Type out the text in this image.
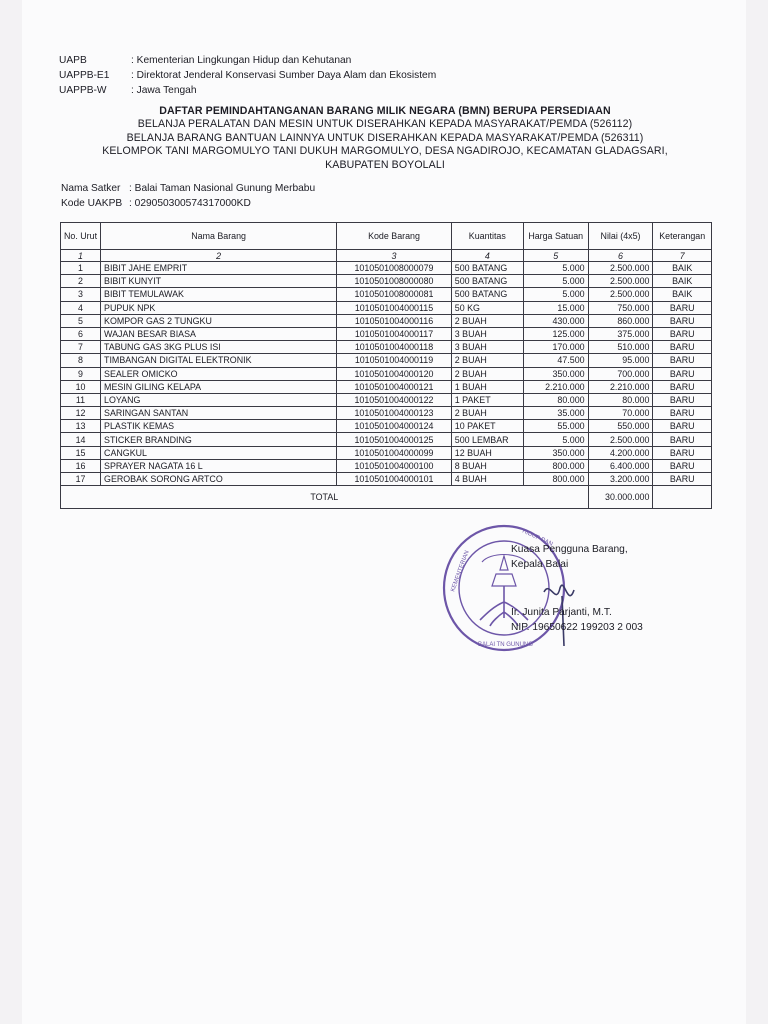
UAPB	: Kementerian Lingkungan Hidup dan Kehutanan
UAPPB-E1	: Direktorat Jenderal Konservasi Sumber Daya Alam dan Ekosistem
UAPPB-W	: Jawa Tengah
DAFTAR PEMINDAHTANGANAN BARANG MILIK NEGARA (BMN) BERUPA PERSEDIAAN
BELANJA PERALATAN DAN MESIN UNTUK DISERAHKAN KEPADA MASYARAKAT/PEMDA (526112)
BELANJA BARANG BANTUAN LAINNYA UNTUK DISERAHKAN KEPADA MASYARAKAT/PEMDA (526311)
KELOMPOK TANI MARGOMULYO TANI DUKUH MARGOMULYO, DESA NGADIROJO, KECAMATAN GLADAGSARI,
KABUPATEN BOYOLALI
Nama Satker : Balai Taman Nasional Gunung Merbabu
Kode UAKPB : 029050300574317000KD
No. Urut	Nama Barang	Kode Barang	Kuantitas	Harga Satuan	Nilai (4x5)	Keterangan
1	2	3	4	5	6	7
1	BIBIT JAHE EMPRIT	1010501008000079	500 BATANG	5.000	2.500.000	BAIK
2	BIBIT KUNYIT	1010501008000080	500 BATANG	5.000	2.500.000	BAIK
3	BIBIT TEMULAWAK	1010501008000081	500 BATANG	5.000	2.500.000	BAIK
4	PUPUK NPK	1010501004000115	50 KG	15.000	750.000	BARU
5	KOMPOR GAS 2 TUNGKU	1010501004000116	2 BUAH	430.000	860.000	BARU
6	WAJAN BESAR BIASA	1010501004000117	3 BUAH	125.000	375.000	BARU
7	TABUNG GAS 3KG PLUS ISI	1010501004000118	3 BUAH	170.000	510.000	BARU
8	TIMBANGAN DIGITAL ELEKTRONIK	1010501004000119	2 BUAH	47.500	95.000	BARU
9	SEALER OMICKO	1010501004000120	2 BUAH	350.000	700.000	BARU
10	MESIN GILING KELAPA	1010501004000121	1 BUAH	2.210.000	2.210.000	BARU
11	LOYANG	1010501004000122	1 PAKET	80.000	80.000	BARU
12	SARINGAN SANTAN	1010501004000123	2 BUAH	35.000	70.000	BARU
13	PLASTIK KEMAS	1010501004000124	10 PAKET	55.000	550.000	BARU
14	STICKER BRANDING	1010501004000125	500 LEMBAR	5.000	2.500.000	BARU
15	CANGKUL	1010501004000099	12 BUAH	350.000	4.200.000	BARU
16	SPRAYER NAGATA 16 L	1010501004000100	8 BUAH	800.000	6.400.000	BARU
17	GEROBAK SORONG ARTCO	1010501004000101	4 BUAH	800.000	3.200.000	BARU
TOTAL					30.000.000	
KEMENTERIAN
HIDUP DAN
BALAI TN GUNUNG
Kuasa Pengguna Barang,
Kepala Balai
Ir. Junita Parjanti, M.T.
NIP. 19650622 199203 2 003
